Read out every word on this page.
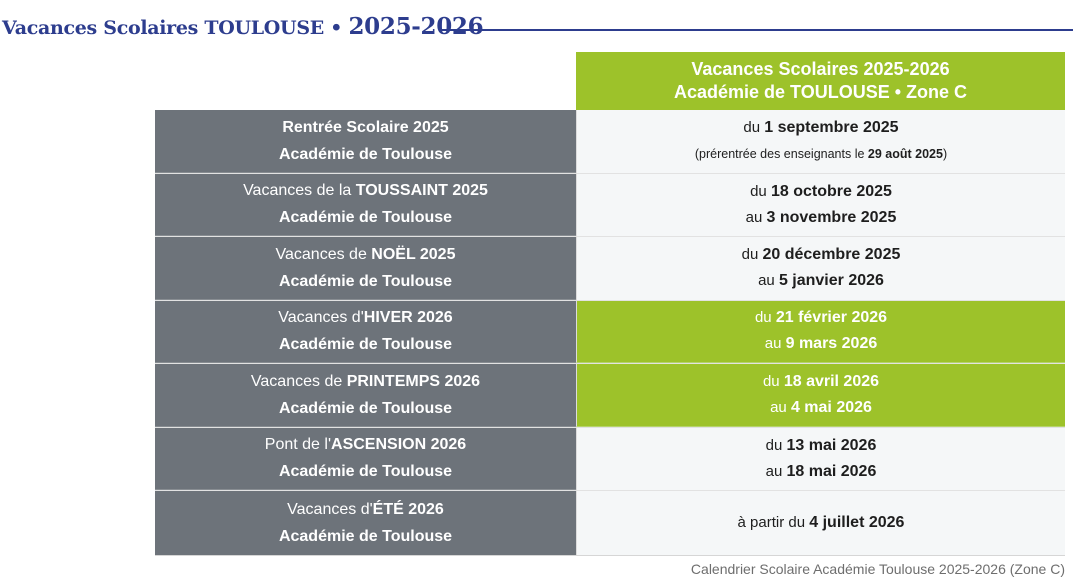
Vacances Scolaires TOULOUSE • 2025-2026
Vacances Scolaires 2025-2026
Académie de TOULOUSE • Zone C
Rentrée Scolaire 2025
Académie de Toulouse
du 1 septembre 2025
(prérentrée des enseignants le 29 août 2025)
Vacances de la TOUSSAINT 2025
Académie de Toulouse
du 18 octobre 2025
au 3 novembre 2025
Vacances de NOËL 2025
Académie de Toulouse
du 20 décembre 2025
au 5 janvier 2026
Vacances d'HIVER 2026
Académie de Toulouse
du 21 février 2026
au 9 mars 2026
Vacances de PRINTEMPS 2026
Académie de Toulouse
du 18 avril 2026
au 4 mai 2026
Pont de l'ASCENSION 2026
Académie de Toulouse
du 13 mai 2026
au 18 mai 2026
Vacances d'ÉTÉ 2026
Académie de Toulouse
à partir du 4 juillet 2026
Calendrier Scolaire Académie Toulouse 2025-2026 (Zone C)
